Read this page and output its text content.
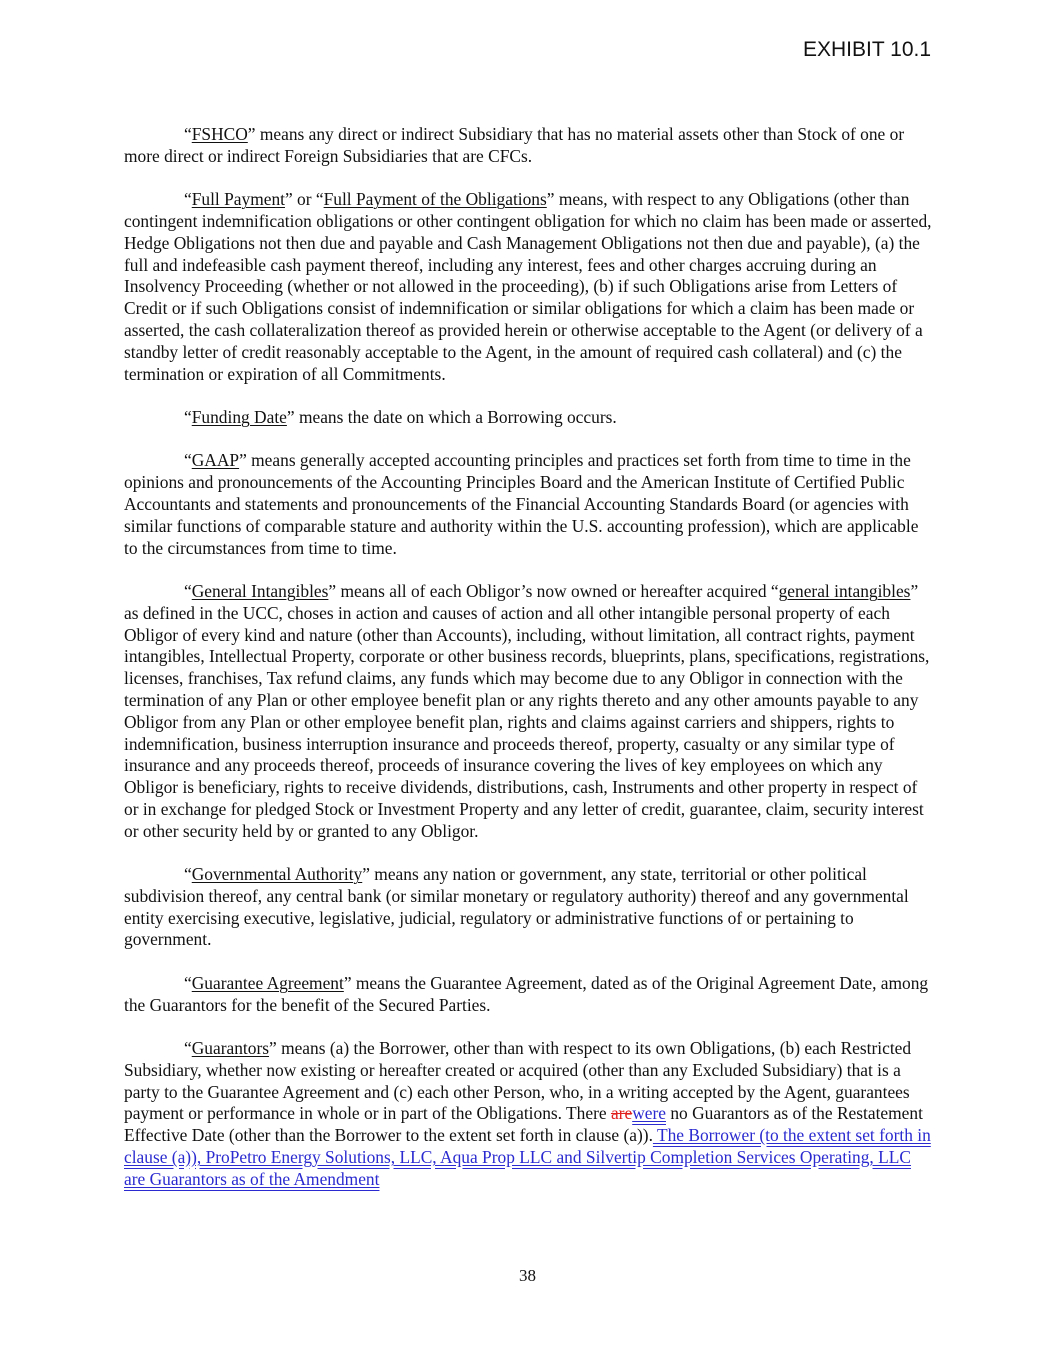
EXHIBIT 10.1

“FSHCO” means any direct or indirect Subsidiary that has no material assets other than Stock of one or more direct or indirect Foreign Subsidiaries that are CFCs.

“Full Payment” or “Full Payment of the Obligations” means, with respect to any Obligations (other than contingent indemnification obligations or other contingent obligation for which no claim has been made or asserted, Hedge Obligations not then due and payable and Cash Management Obligations not then due and payable), (a) the full and indefeasible cash payment thereof, including any interest, fees and other charges accruing during an Insolvency Proceeding (whether or not allowed in the proceeding), (b) if such Obligations arise from Letters of Credit or if such Obligations consist of indemnification or similar obligations for which a claim has been made or asserted, the cash collateralization thereof as provided herein or otherwise acceptable to the Agent (or delivery of a standby letter of credit reasonably acceptable to the Agent, in the amount of required cash collateral) and (c) the termination or expiration of all Commitments.

“Funding Date” means the date on which a Borrowing occurs.

“GAAP” means generally accepted accounting principles and practices set forth from time to time in the opinions and pronouncements of the Accounting Principles Board and the American Institute of Certified Public Accountants and statements and pronouncements of the Financial Accounting Standards Board (or agencies with similar functions of comparable stature and authority within the U.S. accounting profession), which are applicable to the circumstances from time to time.

“General Intangibles” means all of each Obligor’s now owned or hereafter acquired “general intangibles” as defined in the UCC, choses in action and causes of action and all other intangible personal property of each Obligor of every kind and nature (other than Accounts), including, without limitation, all contract rights, payment intangibles, Intellectual Property, corporate or other business records, blueprints, plans, specifications, registrations, licenses, franchises, Tax refund claims, any funds which may become due to any Obligor in connection with the termination of any Plan or other employee benefit plan or any rights thereto and any other amounts payable to any Obligor from any Plan or other employee benefit plan, rights and claims against carriers and shippers, rights to indemnification, business interruption insurance and proceeds thereof, property, casualty or any similar type of insurance and any proceeds thereof, proceeds of insurance covering the lives of key employees on which any Obligor is beneficiary, rights to receive dividends, distributions, cash, Instruments and other property in respect of or in exchange for pledged Stock or Investment Property and any letter of credit, guarantee, claim, security interest or other security held by or granted to any Obligor.

“Governmental Authority” means any nation or government, any state, territorial or other political subdivision thereof, any central bank (or similar monetary or regulatory authority) thereof and any governmental entity exercising executive, legislative, judicial, regulatory or administrative functions of or pertaining to government.

“Guarantee Agreement” means the Guarantee Agreement, dated as of the Original Agreement Date, among the Guarantors for the benefit of the Secured Parties.

“Guarantors” means (a) the Borrower, other than with respect to its own Obligations, (b) each Restricted Subsidiary, whether now existing or hereafter created or acquired (other than any Excluded Subsidiary) that is a party to the Guarantee Agreement and (c) each other Person, who, in a writing accepted by the Agent, guarantees payment or performance in whole or in part of the Obligations. There arewere no Guarantors as of the Restatement Effective Date (other than the Borrower to the extent set forth in clause (a)). The Borrower (to the extent set forth in clause (a)), ProPetro Energy Solutions, LLC, Aqua Prop LLC and Silvertip Completion Services Operating, LLC are Guarantors as of the Amendment

38
